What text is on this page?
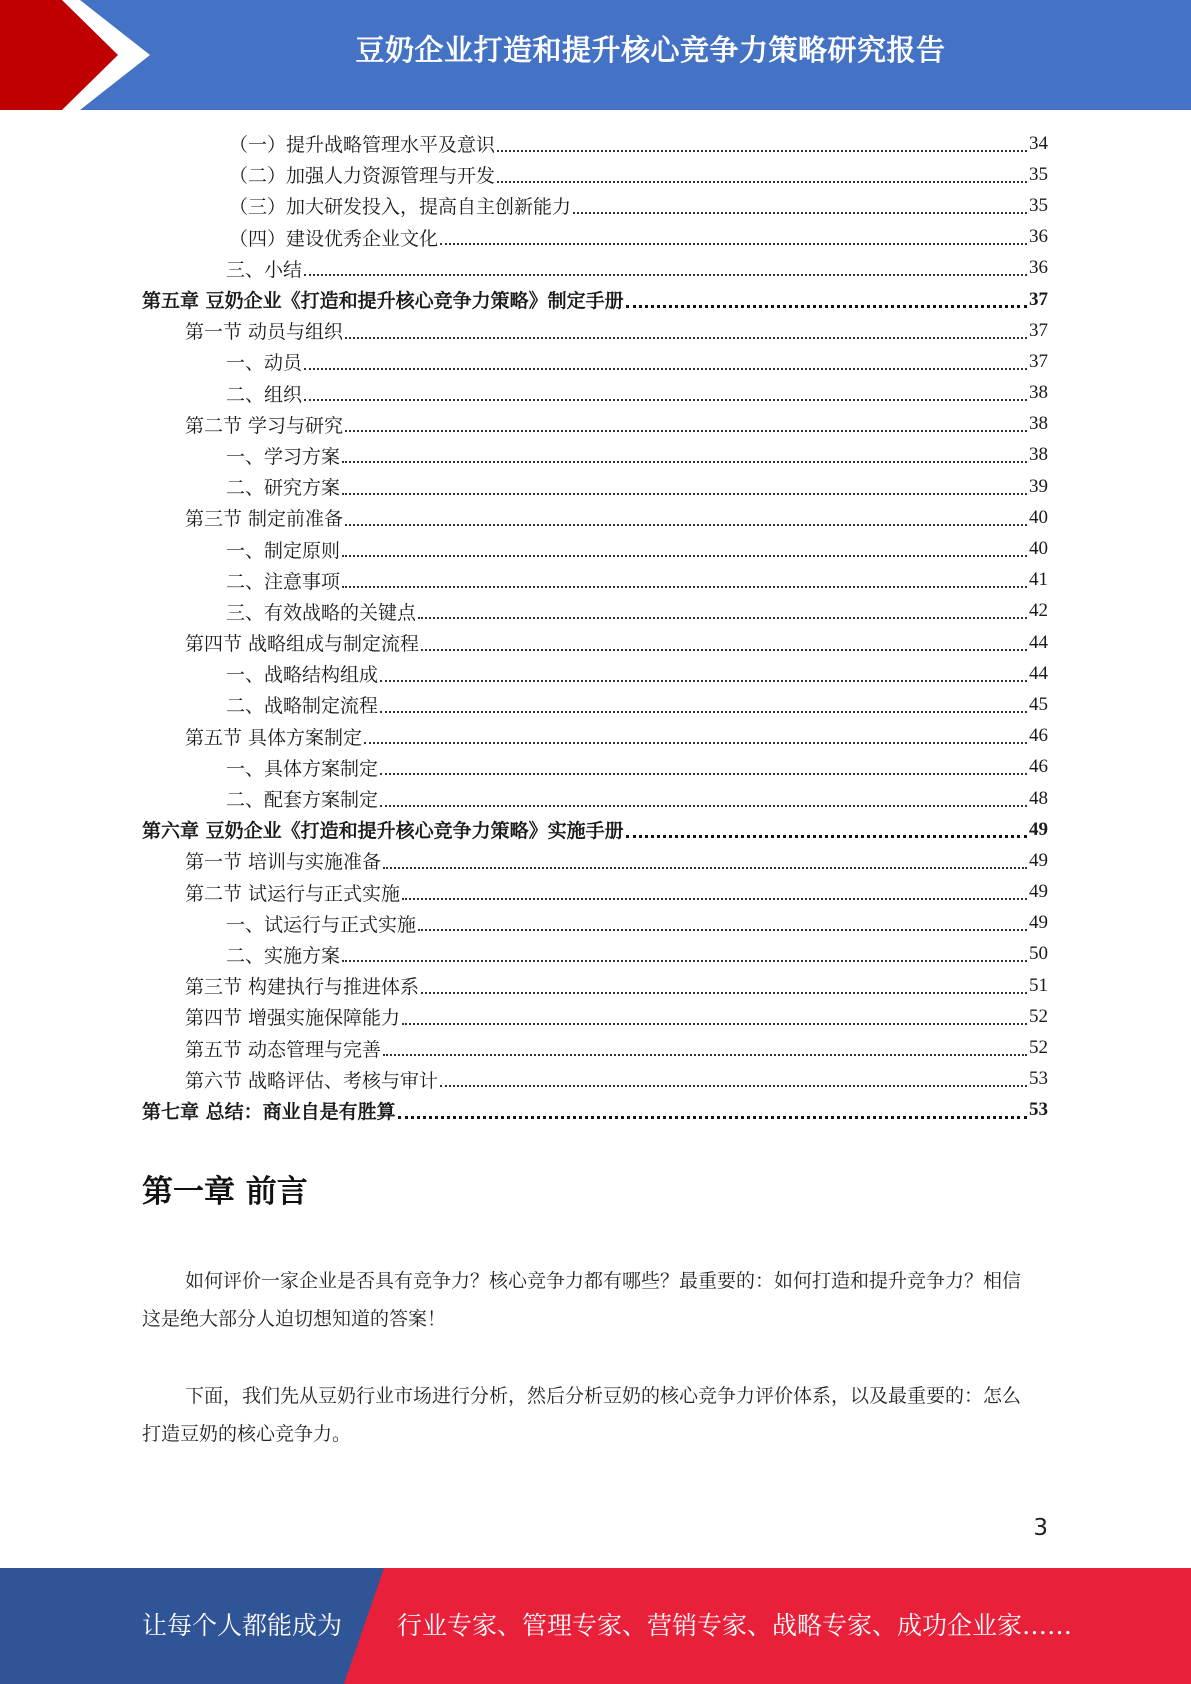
豆奶企业打造和提升核心竞争力策略研究报告
（一）提升战略管理水平及意识	34
（二）加强人力资源管理与开发	35
（三）加大研发投入，提高自主创新能力	35
（四）建设优秀企业文化	36
三、小结	36
第五章 豆奶企业《打造和提升核心竞争力策略》制定手册	37
第一节 动员与组织	37
一、动员	37
二、组织	38
第二节 学习与研究	38
一、学习方案	38
二、研究方案	39
第三节 制定前准备	40
一、制定原则	40
二、注意事项	41
三、有效战略的关键点	42
第四节 战略组成与制定流程	44
一、战略结构组成	44
二、战略制定流程	45
第五节 具体方案制定	46
一、具体方案制定	46
二、配套方案制定	48
第六章 豆奶企业《打造和提升核心竞争力策略》实施手册	49
第一节 培训与实施准备	49
第二节 试运行与正式实施	49
一、试运行与正式实施	49
二、实施方案	50
第三节 构建执行与推进体系	51
第四节 增强实施保障能力	52
第五节 动态管理与完善	52
第六节 战略评估、考核与审计	53
第七章 总结：商业自是有胜算	53
第一章 前言
如何评价一家企业是否具有竞争力？核心竞争力都有哪些？最重要的：如何打造和提升竞争力？相信这是绝大部分人迫切想知道的答案！
下面，我们先从豆奶行业市场进行分析，然后分析豆奶的核心竞争力评价体系，以及最重要的：怎么打造豆奶的核心竞争力。
3
让每个人都能成为 行业专家、管理专家、营销专家、战略专家、成功企业家……
